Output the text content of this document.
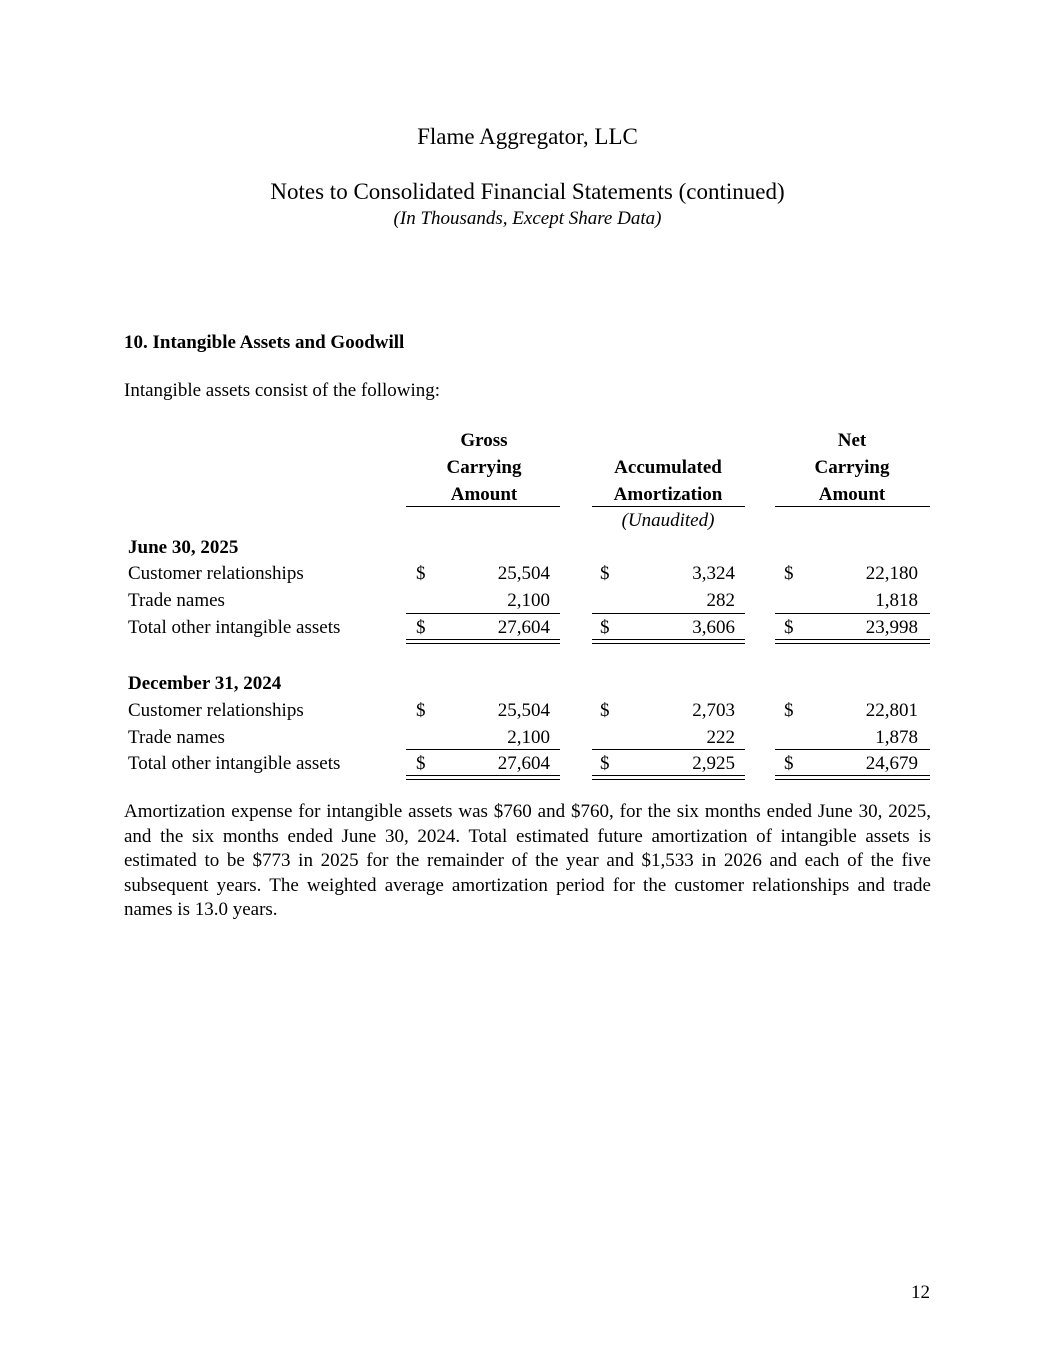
Flame Aggregator, LLC
Notes to Consolidated Financial Statements (continued)
(In Thousands, Except Share Data)
10. Intangible Assets and Goodwill
Intangible assets consist of the following:
Gross
Carrying
Amount
Accumulated
Amortization
Net
Carrying
Amount
(Unaudited)
June 30, 2025
Customer relationships	$	25,504	$	3,324	$	22,180
Trade names	2,100	282	1,818
Total other intangible assets	$	27,604	$	3,606	$	23,998
December 31, 2024
Customer relationships	$	25,504	$	2,703	$	22,801
Trade names	2,100	222	1,878
Total other intangible assets	$	27,604	$	2,925	$	24,679

Amortization expense for intangible assets was $760 and $760, for the six months ended June 30, 2025, and the six months ended June 30, 2024. Total estimated future amortization of intangible assets is estimated to be $773 in 2025 for the remainder of the year and $1,533 in 2026 and each of the five subsequent years. The weighted average amortization period for the customer relationships and trade names is 13.0 years.

12
